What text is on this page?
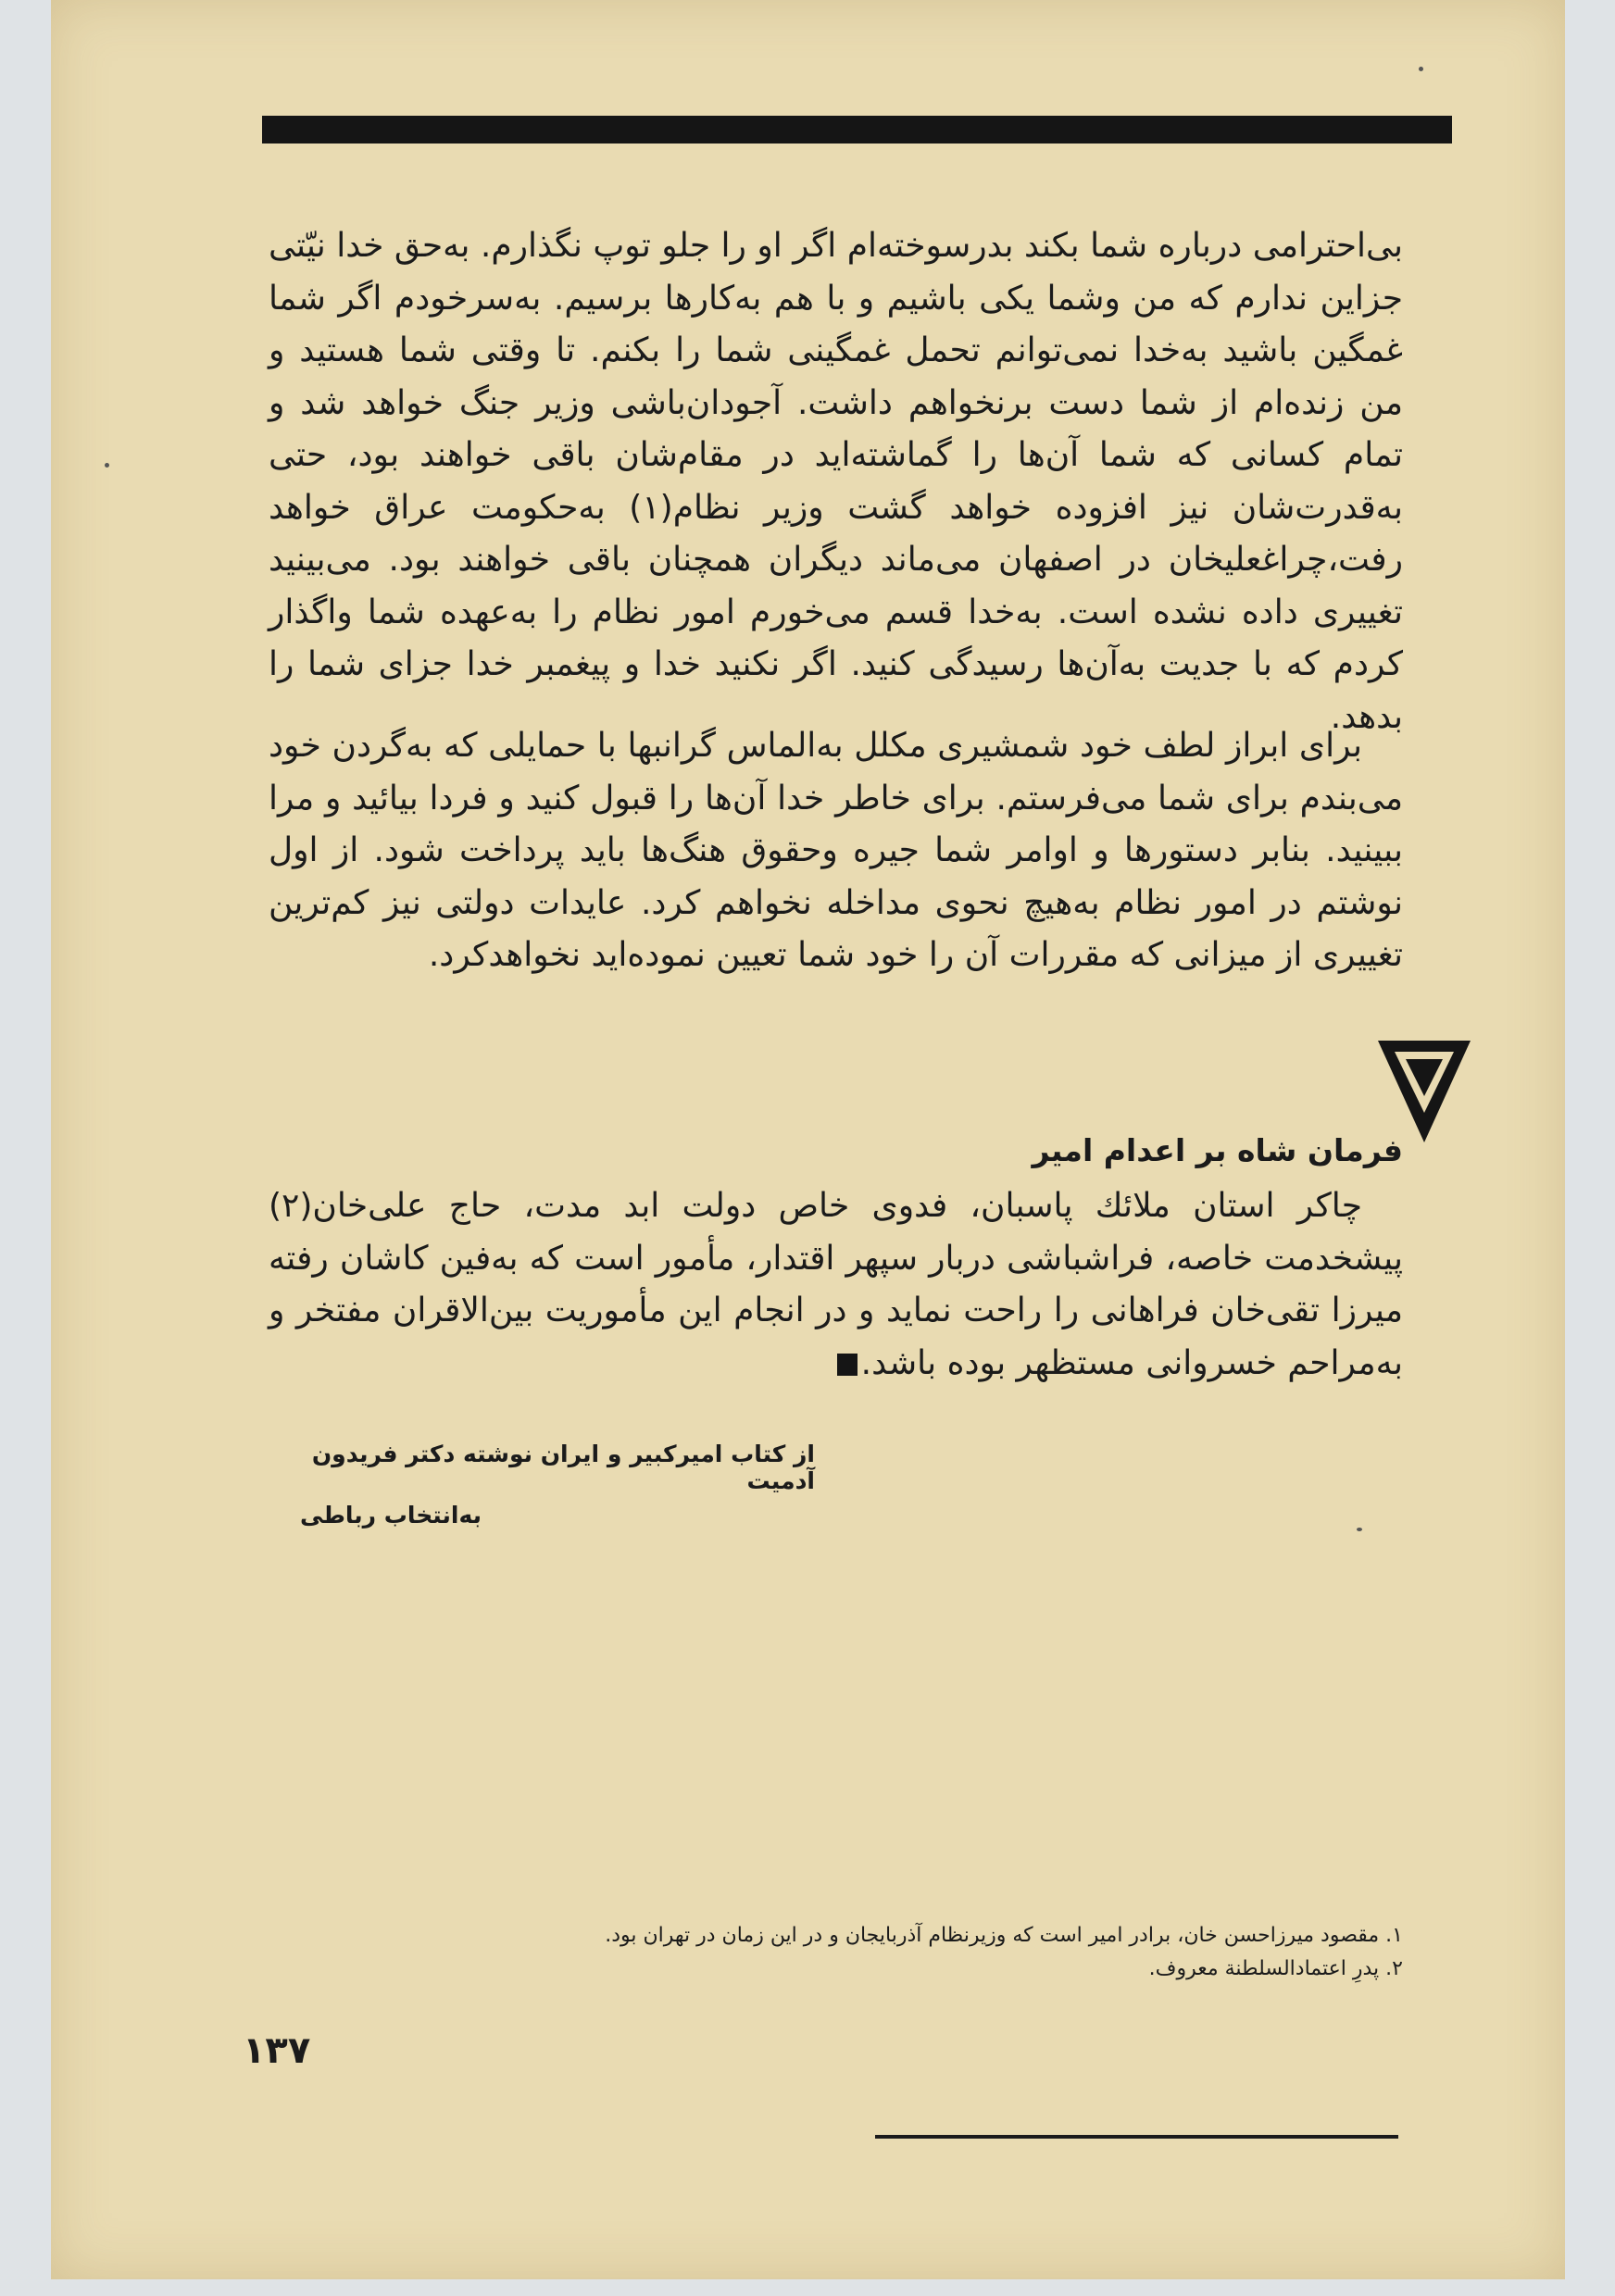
بی‌احترامی درباره شما بکند بدرسوخته‌ام اگر او را جلو توپ نگذارم. به‌حق خدا نیّتی جزاین ندارم که من وشما یکی باشیم و با هم به‌کارها برسیم. به‌سرخودم اگر شما غمگین باشید به‌خدا نمی‌توانم تحمل غمگینی شما را بکنم. تا وقتی شما هستید و من زنده‌ام از شما دست برنخواهم داشت. آجودان‌باشی وزیر جنگ خواهد شد و تمام کسانی که شما آن‌ها را گماشته‌اید در مقام‌شان باقی خواهند بود، حتی به‌قدرت‌شان نیز افزوده خواهد گشت وزیر نظام(۱) به‌حکومت عراق خواهد رفت،چراغعلیخان در اصفهان می‌ماند دیگران همچنان باقی خواهند بود. می‌بینید تغییری داده نشده است. به‌خدا قسم می‌خورم امور نظام را به‌عهده شما واگذار کردم که با جدیت به‌آن‌ها رسیدگی کنید. اگر نکنید خدا و پیغمبر خدا جزای شما را بدهد.

برای ابراز لطف خود شمشیری مکلل به‌الماس گرانبها با حمایلی که به‌گردن خود می‌بندم برای شما می‌فرستم. برای خاطر خدا آن‌ها را قبول کنید و فردا بیائید و مرا ببینید. بنابر دستورها و اوامر شما جیره وحقوق هنگ‌ها باید پرداخت شود. از اول نوشتم در امور نظام به‌هیچ نحوی مداخله نخواهم کرد. عایدات دولتی نیز کم‌ترین تغییری از میزانی که مقررات آن را خود شما تعیین نموده‌اید نخواهدکرد.

فرمان شاه بر اعدام امیر

چاکر استان ملائك پاسبان، فدوی خاص دولت ابد مدت، حاج علی‌خان(۲) پیشخدمت خاصه، فراشباشی دربار سپهر اقتدار، مأمور است که به‌فین کاشان رفته میرزا تقی‌خان فراهانی را راحت نماید و در انجام این مأموریت بین‌الاقران مفتخر و به‌مراحم خسروانی مستظهر بوده باشد.

از کتاب امیرکبیر و ایران نوشته دکتر فریدون آدمیت
به‌انتخاب رباطی
۱. مقصود میرزاحسن خان، برادر امیر است که وزیرنظام آذربایجان و در این زمان در تهران بود.
۲. پدرِ اعتمادالسلطنة معروف.
۱۳۷
